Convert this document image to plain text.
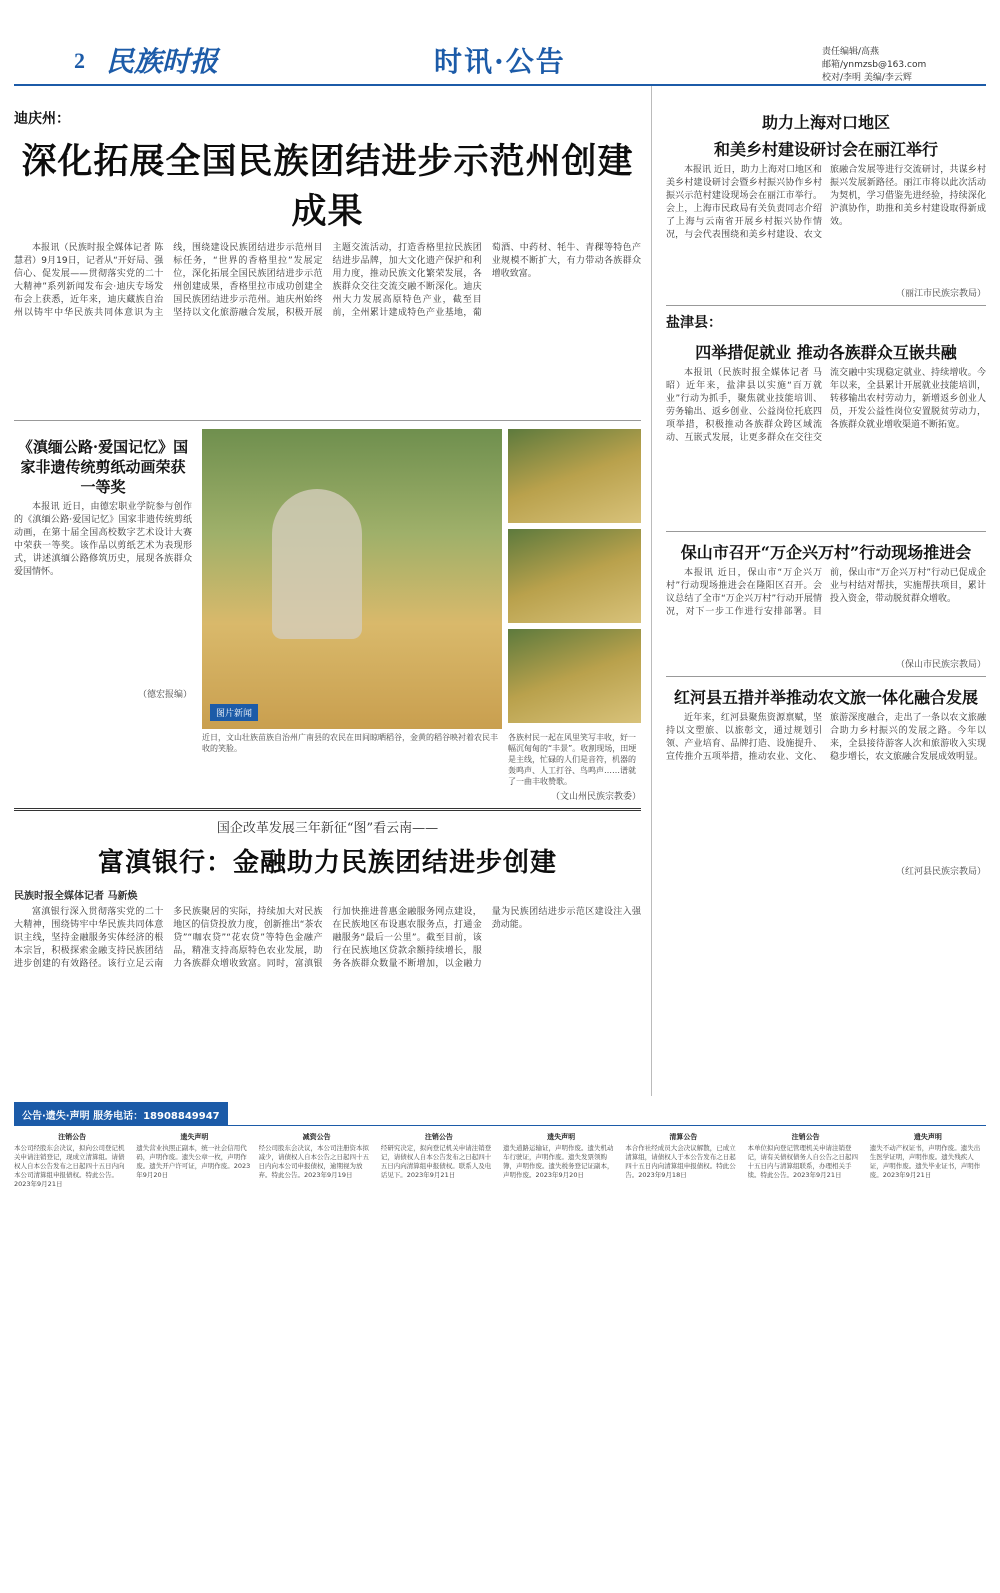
2 民族时报	时讯·公告	责任编辑/高燕
邮箱/ynmzsb@163.com
校对/李明 美编/李云辉
迪庆州：
深化拓展全国民族团结进步示范州创建成果
本报讯（民族时报全媒体记者 陈慧君）9月19日，记者从“开好局、强信心、促发展——贯彻落实党的二十大精神”系列新闻发布会·迪庆专场发布会上获悉，近年来，迪庆藏族自治州以铸牢中华民族共同体意识为主线，围绕建设民族团结进步示范州目标任务，“世界的香格里拉”发展定位，深化拓展全国民族团结进步示范州创建成果，香格里拉市成功创建全国民族团结进步示范州。迪庆州始终坚持以文化旅游融合发展，积极开展主题交流活动，打造香格里拉民族团结进步品牌，加大文化遗产保护和利用力度，推动民族文化繁荣发展，各族群众交往交流交融不断深化。迪庆州大力发展高原特色产业，截至目前，全州累计建成特色产业基地，葡萄酒、中药材、牦牛、青稞等特色产业规模不断扩大，有力带动各族群众增收致富。
《滇缅公路·爱国记忆》国家非遗传统剪纸动画荣获一等奖
本报讯 近日，由德宏职业学院参与创作的《滇缅公路·爱国记忆》国家非遗传统剪纸动画，在第十届全国高校数字艺术设计大赛中荣获一等奖。该作品以剪纸艺术为表现形式，讲述滇缅公路修筑历史，展现各族群众爱国情怀。
（德宏报编）
图片新闻
近日，文山壮族苗族自治州广南县的农民在田间晾晒稻谷，金黄的稻谷映衬着农民丰收的笑脸。
各族村民一起在风里笑写丰收，好一幅沉甸甸的“丰景”。收割现场，田埂是主线，忙碌的人们是音符，机器的轰鸣声、人工打谷、鸟鸣声……谱就了一曲丰收赞歌。
（文山州民族宗教委）
国企改革发展三年新征“图”看云南——
富滇银行：金融助力民族团结进步创建
民族时报全媒体记者 马新焕
富滇银行深入贯彻落实党的二十大精神，围绕铸牢中华民族共同体意识主线，坚持金融服务实体经济的根本宗旨，积极探索金融支持民族团结进步创建的有效路径。该行立足云南多民族聚居的实际，持续加大对民族地区的信贷投放力度，创新推出“茶农贷”“咖农贷”“花农贷”等特色金融产品，精准支持高原特色农业发展，助力各族群众增收致富。同时，富滇银行加快推进普惠金融服务网点建设，在民族地区布设惠农服务点，打通金融服务“最后一公里”。截至目前，该行在民族地区贷款余额持续增长，服务各族群众数量不断增加，以金融力量为民族团结进步示范区建设注入强劲动能。
助力上海对口地区
和美乡村建设研讨会在丽江举行
本报讯 近日，助力上海对口地区和美乡村建设研讨会暨乡村振兴协作乡村振兴示范村建设现场会在丽江市举行。会上，上海市民政局有关负责同志介绍了上海与云南省开展乡村振兴协作情况，与会代表围绕和美乡村建设、农文旅融合发展等进行交流研讨，共谋乡村振兴发展新路径。丽江市将以此次活动为契机，学习借鉴先进经验，持续深化沪滇协作，助推和美乡村建设取得新成效。
（丽江市民族宗教局）
盐津县：
四举措促就业 推动各族群众互嵌共融
本报讯（民族时报全媒体记者 马昭）近年来，盐津县以实施“百万就业”行动为抓手，聚焦就业技能培训、劳务输出、返乡创业、公益岗位托底四项举措，积极推动各族群众跨区域流动、互嵌式发展，让更多群众在交往交流交融中实现稳定就业、持续增收。今年以来，全县累计开展就业技能培训，转移输出农村劳动力，新增返乡创业人员，开发公益性岗位安置脱贫劳动力，各族群众就业增收渠道不断拓宽。
保山市召开“万企兴万村”行动现场推进会
本报讯 近日，保山市“万企兴万村”行动现场推进会在隆阳区召开。会议总结了全市“万企兴万村”行动开展情况，对下一步工作进行安排部署。目前，保山市“万企兴万村”行动已促成企业与村结对帮扶，实施帮扶项目，累计投入资金，带动脱贫群众增收。
（保山市民族宗教局）
红河县五措并举推动农文旅一体化融合发展
近年来，红河县聚焦资源禀赋，坚持以文塑旅、以旅彰文，通过规划引领、产业培育、品牌打造、设施提升、宣传推介五项举措，推动农业、文化、旅游深度融合，走出了一条以农文旅融合助力乡村振兴的发展之路。今年以来，全县接待游客人次和旅游收入实现稳步增长，农文旅融合发展成效明显。
（红河县民族宗教局）
公告·遗失·声明 服务电话：18908849947
注销公告
本公司经股东会决议，拟向公司登记机关申请注销登记，现成立清算组。请债权人自本公告发布之日起四十五日内向本公司清算组申报债权。特此公告。2023年9月21日
遗失声明
遗失营业执照正副本，统一社会信用代码，声明作废。遗失公章一枚，声明作废。遗失开户许可证，声明作废。2023年9月20日
减资公告
经公司股东会决议，本公司注册资本拟减少，请债权人自本公告之日起四十五日内向本公司申报债权，逾期视为放弃。特此公告。2023年9月19日
注销公告
经研究决定，拟向登记机关申请注销登记，请债权人自本公告发布之日起四十五日内向清算组申报债权。联系人及电话见下。2023年9月21日
遗失声明
遗失道路运输证，声明作废。遗失机动车行驶证，声明作废。遗失发票领购簿，声明作废。遗失税务登记证副本，声明作废。2023年9月20日
清算公告
本合作社经成员大会决议解散，已成立清算组，请债权人于本公告发布之日起四十五日内向清算组申报债权。特此公告。2023年9月18日
注销公告
本单位拟向登记管理机关申请注销登记，请有关债权债务人自公告之日起四十五日内与清算组联系，办理相关手续。特此公告。2023年9月21日
遗失声明
遗失不动产权证书，声明作废。遗失出生医学证明，声明作废。遗失残疾人证，声明作废。遗失毕业证书，声明作废。2023年9月21日
